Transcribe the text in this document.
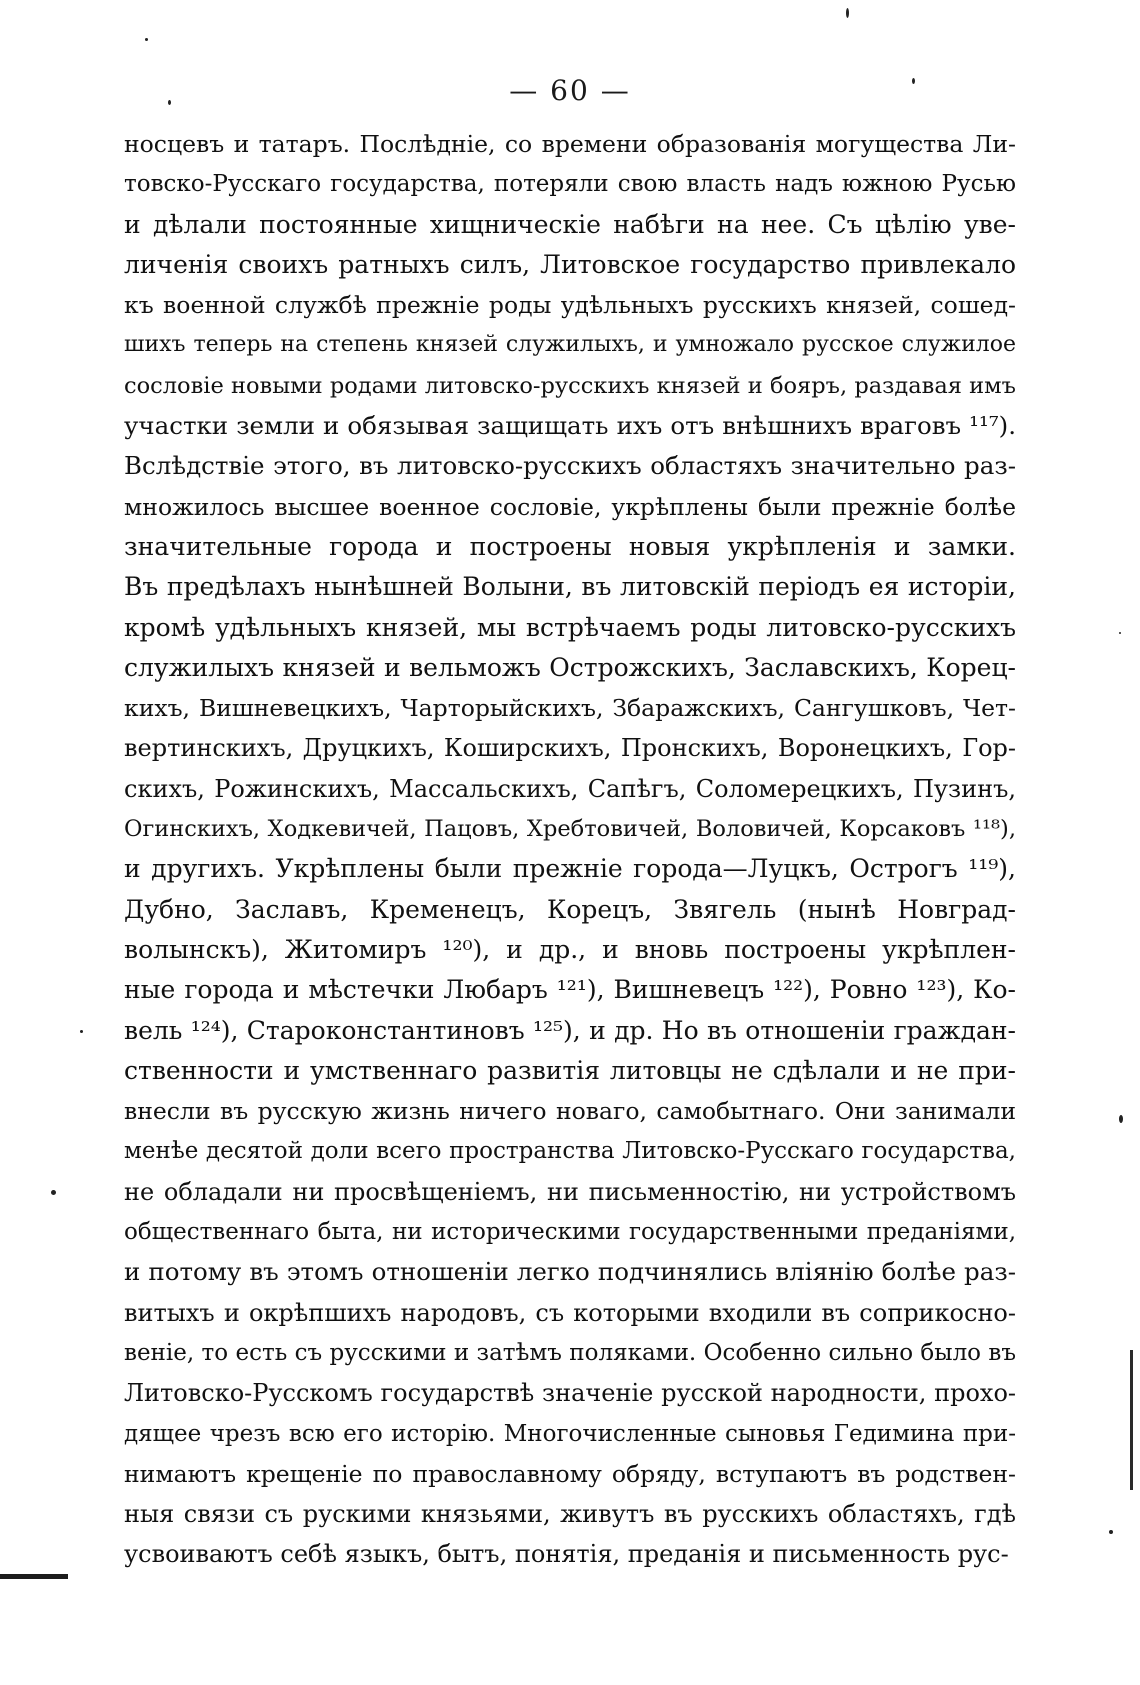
— 60 —
носцевъ и татаръ. Послѣдніе, со времени образованія могущества Ли-
товско-Русскаго государства, потеряли свою власть надъ южною Русью
и дѣлали постоянные хищническіе набѣги на нее. Съ цѣлію уве-
личенія своихъ ратныхъ силъ, Литовское государство привлекало
къ военной службѣ прежніе роды удѣльныхъ русскихъ князей, сошед-
шихъ теперь на степень князей служилыхъ, и умножало русское служилое
сословіе новыми родами литовско-русскихъ князей и бояръ, раздавая имъ
участки земли и обязывая защищать ихъ отъ внѣшнихъ враговъ ¹¹⁷).
Вслѣдствіе этого, въ литовско-русскихъ областяхъ значительно раз-
множилось высшее военное сословіе, укрѣплены были прежніе болѣе
значительные города и построены новыя укрѣпленія и замки.
Въ предѣлахъ нынѣшней Волыни, въ литовскій періодъ ея исторіи,
кромѣ удѣльныхъ князей, мы встрѣчаемъ роды литовско-русскихъ
служилыхъ князей и вельможъ Острожскихъ, Заславскихъ, Корец-
кихъ, Вишневецкихъ, Чарторыйскихъ, Збаражскихъ, Сангушковъ, Чет-
вертинскихъ, Друцкихъ, Коширскихъ, Пронскихъ, Воронецкихъ, Гор-
скихъ, Рожинскихъ, Массальскихъ, Сапѣгъ, Соломерецкихъ, Пузинъ,
Огинскихъ, Ходкевичей, Пацовъ, Хребтовичей, Воловичей, Корсаковъ ¹¹⁸),
и другихъ. Укрѣплены были прежніе города—Луцкъ, Острогъ ¹¹⁹),
Дубно, Заславъ, Кременецъ, Корецъ, Звягель (нынѣ Новград-
волынскъ), Житомиръ ¹²⁰), и др., и вновь построены укрѣплен-
ные города и мѣстечки Любаръ ¹²¹), Вишневецъ ¹²²), Ровно ¹²³), Ко-
вель ¹²⁴), Староконстантиновъ ¹²⁵), и др. Но въ отношеніи граждан-
ственности и умственнаго развитія литовцы не сдѣлали и не при-
внесли въ русскую жизнь ничего новаго, самобытнаго. Они занимали
менѣе десятой доли всего пространства Литовско-Русскаго государства,
не обладали ни просвѣщеніемъ, ни письменностію, ни устройствомъ
общественнаго быта, ни историческими государственными преданіями,
и потому въ этомъ отношеніи легко подчинялись вліянію болѣе раз-
витыхъ и окрѣпшихъ народовъ, съ которыми входили въ соприкосно-
веніе, то есть съ русскими и затѣмъ поляками. Особенно сильно было въ
Литовско-Русскомъ государствѣ значеніе русской народности, прохо-
дящее чрезъ всю его исторію. Многочисленные сыновья Гедимина при-
нимаютъ крещеніе по православному обряду, вступаютъ въ родствен-
ныя связи съ рускими князьями, живутъ въ русскихъ областяхъ, гдѣ
усвоиваютъ себѣ языкъ, бытъ, понятія, преданія и письменность рус-
